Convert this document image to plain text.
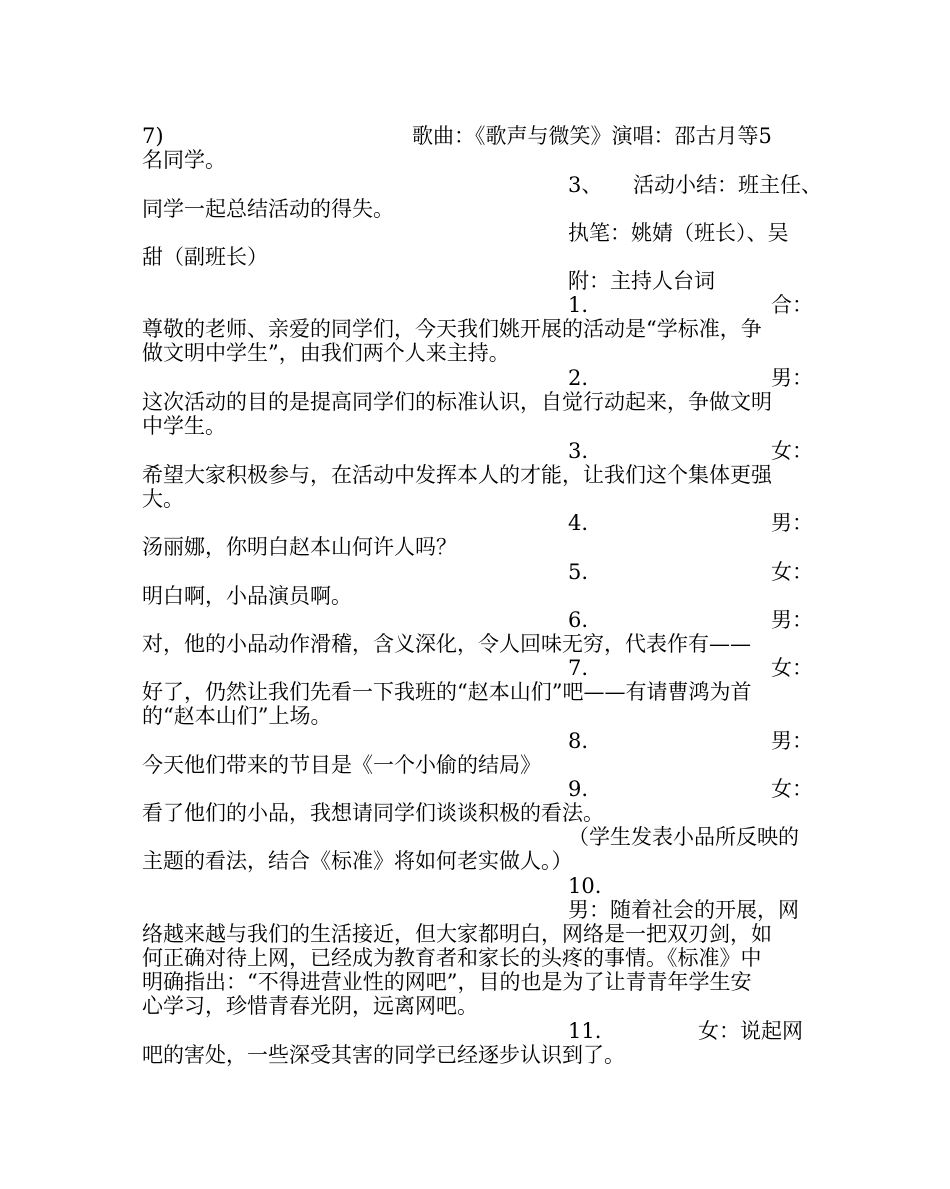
7)	歌曲：《歌声与微笑》演唱：邵古月等5
名同学。
3、 活动小结：班主任、
同学一起总结活动的得失。
执笔：姚婧（班长）、吴
甜（副班长）
附：主持人台词
1.	合：
尊敬的老师、亲爱的同学们，今天我们姚开展的活动是“学标准，争
做文明中学生”，由我们两个人来主持。
2.	男：
这次活动的目的是提高同学们的标准认识，自觉行动起来，争做文明
中学生。
3.	女：
希望大家积极参与，在活动中发挥本人的才能，让我们这个集体更强
大。
4.	男：
汤丽娜，你明白赵本山何许人吗？
5.	女：
明白啊，小品演员啊。
6.	男：
对，他的小品动作滑稽，含义深化，令人回味无穷，代表作有——
7.	女：
好了，仍然让我们先看一下我班的“赵本山们”吧——有请曹鸿为首
的“赵本山们”上场。
8.	男：
今天他们带来的节目是《一个小偷的结局》
9.	女：
看了他们的小品，我想请同学们谈谈积极的看法。
（学生发表小品所反映的
主题的看法，结合《标准》将如何老实做人。）
10.
男：随着社会的开展，网
络越来越与我们的生活接近，但大家都明白，网络是一把双刃剑，如
何正确对待上网，已经成为教育者和家长的头疼的事情。《标准》中
明确指出：“不得进营业性的网吧”，目的也是为了让青青年学生安
心学习，珍惜青春光阴，远离网吧。
11.	女：说起网
吧的害处，一些深受其害的同学已经逐步认识到了。
